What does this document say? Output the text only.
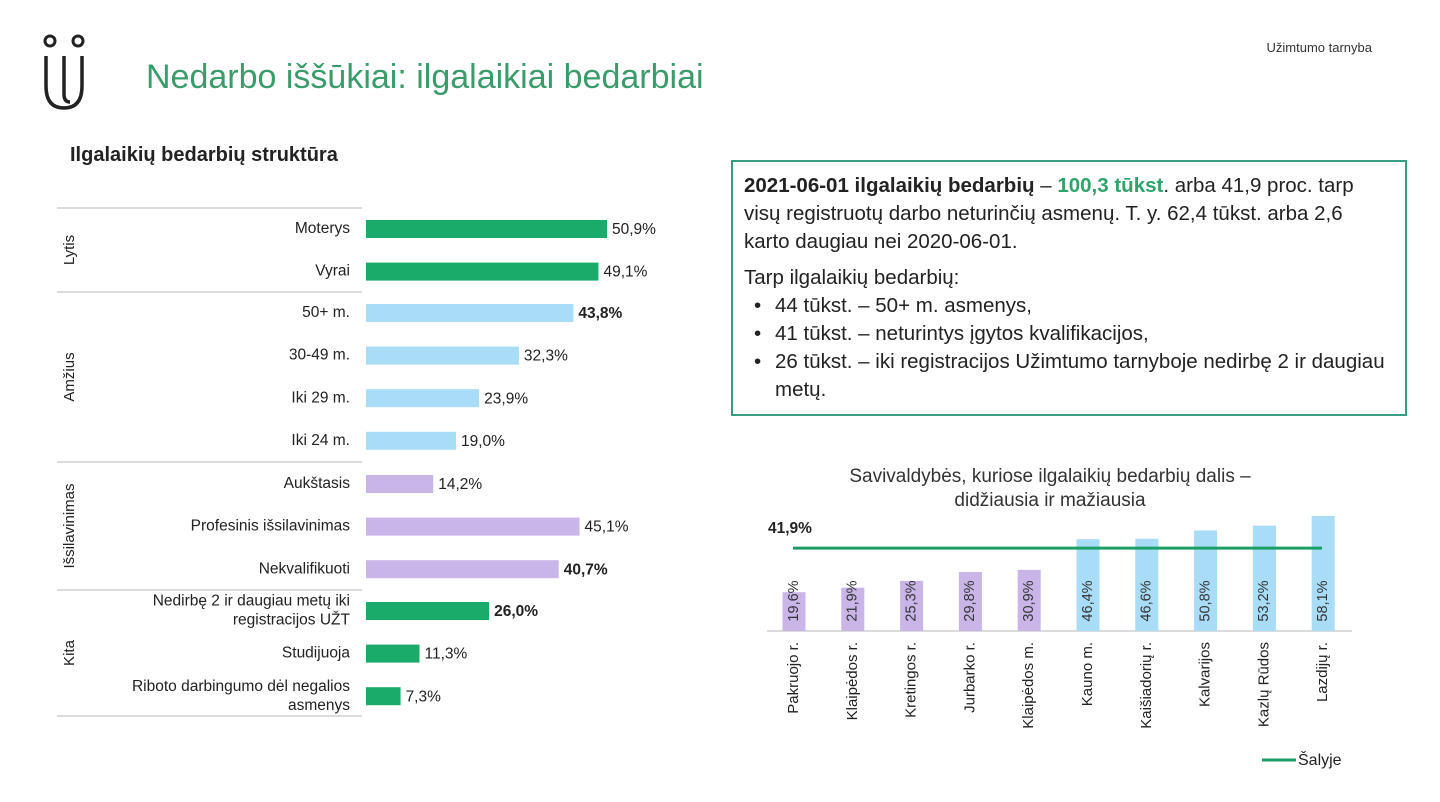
Užimtumo tarnyba
Nedarbo iššūkiai: ilgalaikiai bedarbiai
Ilgalaikių bedarbių struktūra
Lytis
Moterys	50,9%
Vyrai	49,1%
Amžius
50+ m.	43,8%
30-49 m.	32,3%
Iki 29 m.	23,9%
Iki 24 m.	19,0%
Išsilavinimas	Aukštasis	14,2%
Profesinis išsilavinimas	45,1%
Nekvalifikuoti	40,7%
Kita
Nedirbę 2 ir daugiau metų iki
registracijos UŽT	26,0%
Studijuoja	11,3%
Riboto darbingumo dėl negalios
asmenys	7,3%
2021-06-01 ilgalaikių bedarbių – 100,3 tūkst. arba 41,9 proc. tarp visų registruotų darbo neturinčių asmenų. T. y. 62,4 tūkst. arba 2,6 karto daugiau nei 2020-06-01.
Tarp ilgalaikių bedarbių:
• 44 tūkst. – 50+ m. asmenys,
• 41 tūkst. – neturintys įgytos kvalifikacijos,
• 26 tūkst. – iki registracijos Užimtumo tarnyboje nedirbę 2 ir daugiau metų.
Savivaldybės, kuriose ilgalaikių bedarbių dalis –
didžiausia ir mažiausia
19,6%
Pakruojo r.
21,9%
Klaipėdos r.
25,3%
Kretingos r.
29,8%
Jurbarko r.
30,9%
Klaipėdos m.
46,4%
Kauno m.
46,6%
Kaišiadorių r.
50,8%
Kalvarijos
53,2%
Kazlų Rūdos
58,1%
Lazdijų r.
41,9%
Šalyje
